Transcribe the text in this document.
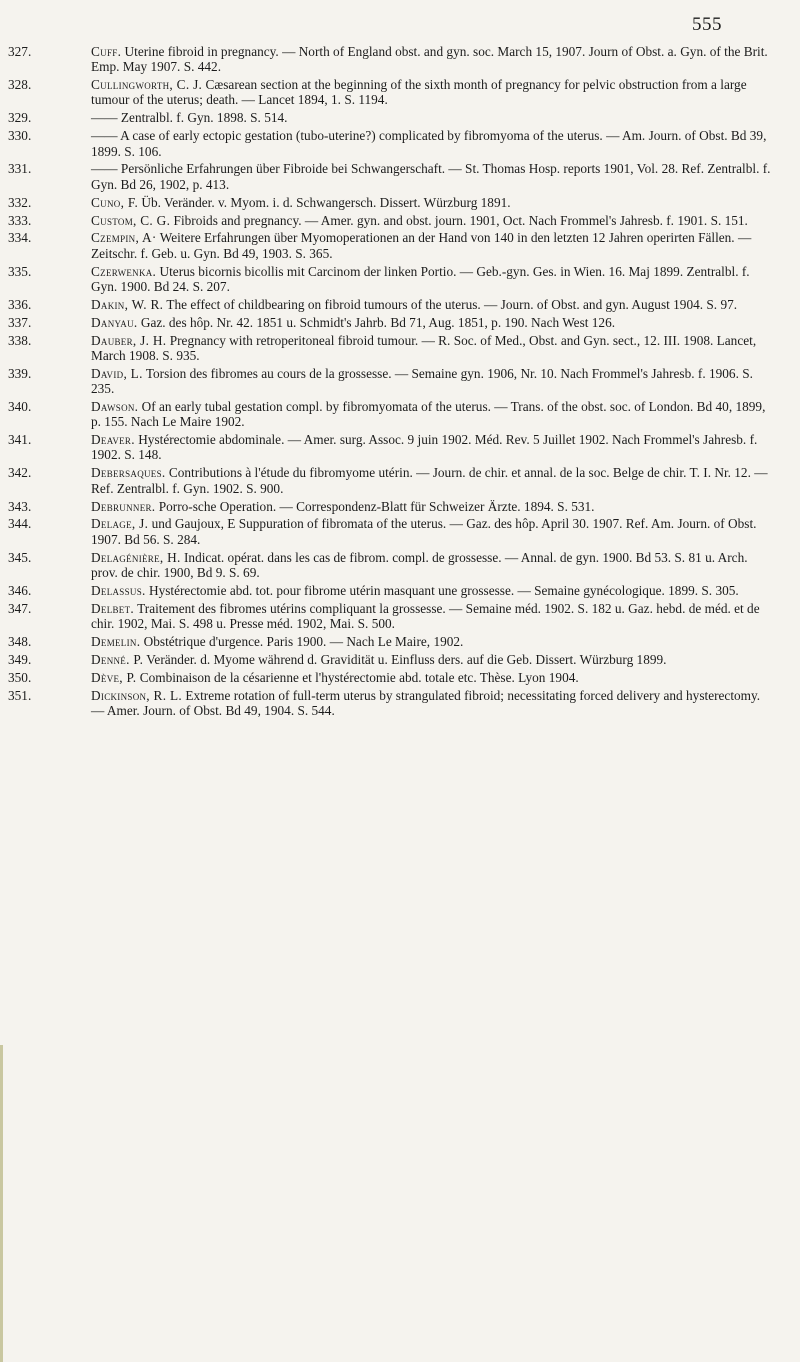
555
327.	Cuff. Uterine fibroid in pregnancy. — North of England obst. and gyn. soc. March 15, 1907. Journ of Obst. a. Gyn. of the Brit. Emp. May 1907. S. 442.
328.	Cullingworth, C. J. Cæsarean section at the beginning of the sixth month of pregnancy for pelvic obstruction from a large tumour of the uterus; death. — Lancet 1894, 1. S. 1194.
329.	—— Zentralbl. f. Gyn. 1898. S. 514.
330.	—— A case of early ectopic gestation (tubo-uterine?) complicated by fibromyoma of the uterus. — Am. Journ. of Obst. Bd 39, 1899. S. 106.
331.	—— Persönliche Erfahrungen über Fibroide bei Schwangerschaft. — St. Thomas Hosp. reports 1901, Vol. 28. Ref. Zentralbl. f. Gyn. Bd 26, 1902, p. 413.
332.	Cuno, F. Üb. Veränder. v. Myom. i. d. Schwangersch. Dissert. Würzburg 1891.
333.	Custom, C. G. Fibroids and pregnancy. — Amer. gyn. and obst. journ. 1901, Oct. Nach Frommel's Jahresb. f. 1901. S. 151.
334.	Czempin, A· Weitere Erfahrungen über Myomoperationen an der Hand von 140 in den letzten 12 Jahren operirten Fällen. — Zeitschr. f. Geb. u. Gyn. Bd 49, 1903. S. 365.
335.	Czerwenka. Uterus bicornis bicollis mit Carcinom der linken Portio. — Geb.-gyn. Ges. in Wien. 16. Maj 1899. Zentralbl. f. Gyn. 1900. Bd 24. S. 207.
336.	Dakin, W. R. The effect of childbearing on fibroid tumours of the uterus. — Journ. of Obst. and gyn. August 1904. S. 97.
337.	Danyau. Gaz. des hôp. Nr. 42. 1851 u. Schmidt's Jahrb. Bd 71, Aug. 1851, p. 190. Nach West 126.
338.	Dauber, J. H. Pregnancy with retroperitoneal fibroid tumour. — R. Soc. of Med., Obst. and Gyn. sect., 12. III. 1908. Lancet, March 1908. S. 935.
339.	David, L. Torsion des fibromes au cours de la grossesse. — Semaine gyn. 1906, Nr. 10. Nach Frommel's Jahresb. f. 1906. S. 235.
340.	Dawson. Of an early tubal gestation compl. by fibromyomata of the uterus. — Trans. of the obst. soc. of London. Bd 40, 1899, p. 155. Nach Le Maire 1902.
341.	Deaver. Hystérectomie abdominale. — Amer. surg. Assoc. 9 juin 1902. Méd. Rev. 5 Juillet 1902. Nach Frommel's Jahresb. f. 1902. S. 148.
342.	Debersaques. Contributions à l'étude du fibromyome utérin. — Journ. de chir. et annal. de la soc. Belge de chir. T. I. Nr. 12. — Ref. Zentralbl. f. Gyn. 1902. S. 900.
343.	Debrunner. Porro-sche Operation. — Correspondenz-Blatt für Schweizer Ärzte. 1894. S. 531.
344.	Delage, J. und Gaujoux, E Suppuration of fibromata of the uterus. — Gaz. des hôp. April 30. 1907. Ref. Am. Journ. of Obst. 1907. Bd 56. S. 284.
345.	Delagénière, H. Indicat. opérat. dans les cas de fibrom. compl. de grossesse. — Annal. de gyn. 1900. Bd 53. S. 81 u. Arch. prov. de chir. 1900, Bd 9. S. 69.
346.	Delassus. Hystérectomie abd. tot. pour fibrome utérin masquant une grossesse. — Semaine gynécologique. 1899. S. 305.
347.	Delbet. Traitement des fibromes utérins compliquant la grossesse. — Semaine méd. 1902. S. 182 u. Gaz. hebd. de méd. et de chir. 1902, Mai. S. 498 u. Presse méd. 1902, Mai. S. 500.
348.	Demelin. Obstétrique d'urgence. Paris 1900. — Nach Le Maire, 1902.
349.	Denné. P. Veränder. d. Myome während d. Gravidität u. Einfluss ders. auf die Geb. Dissert. Würzburg 1899.
350.	Dève, P. Combinaison de la césarienne et l'hystérectomie abd. totale etc. Thèse. Lyon 1904.
351.	Dickinson, R. L. Extreme rotation of full-term uterus by strangulated fibroid; necessitating forced delivery and hysterectomy. — Amer. Journ. of Obst. Bd 49, 1904. S. 544.
